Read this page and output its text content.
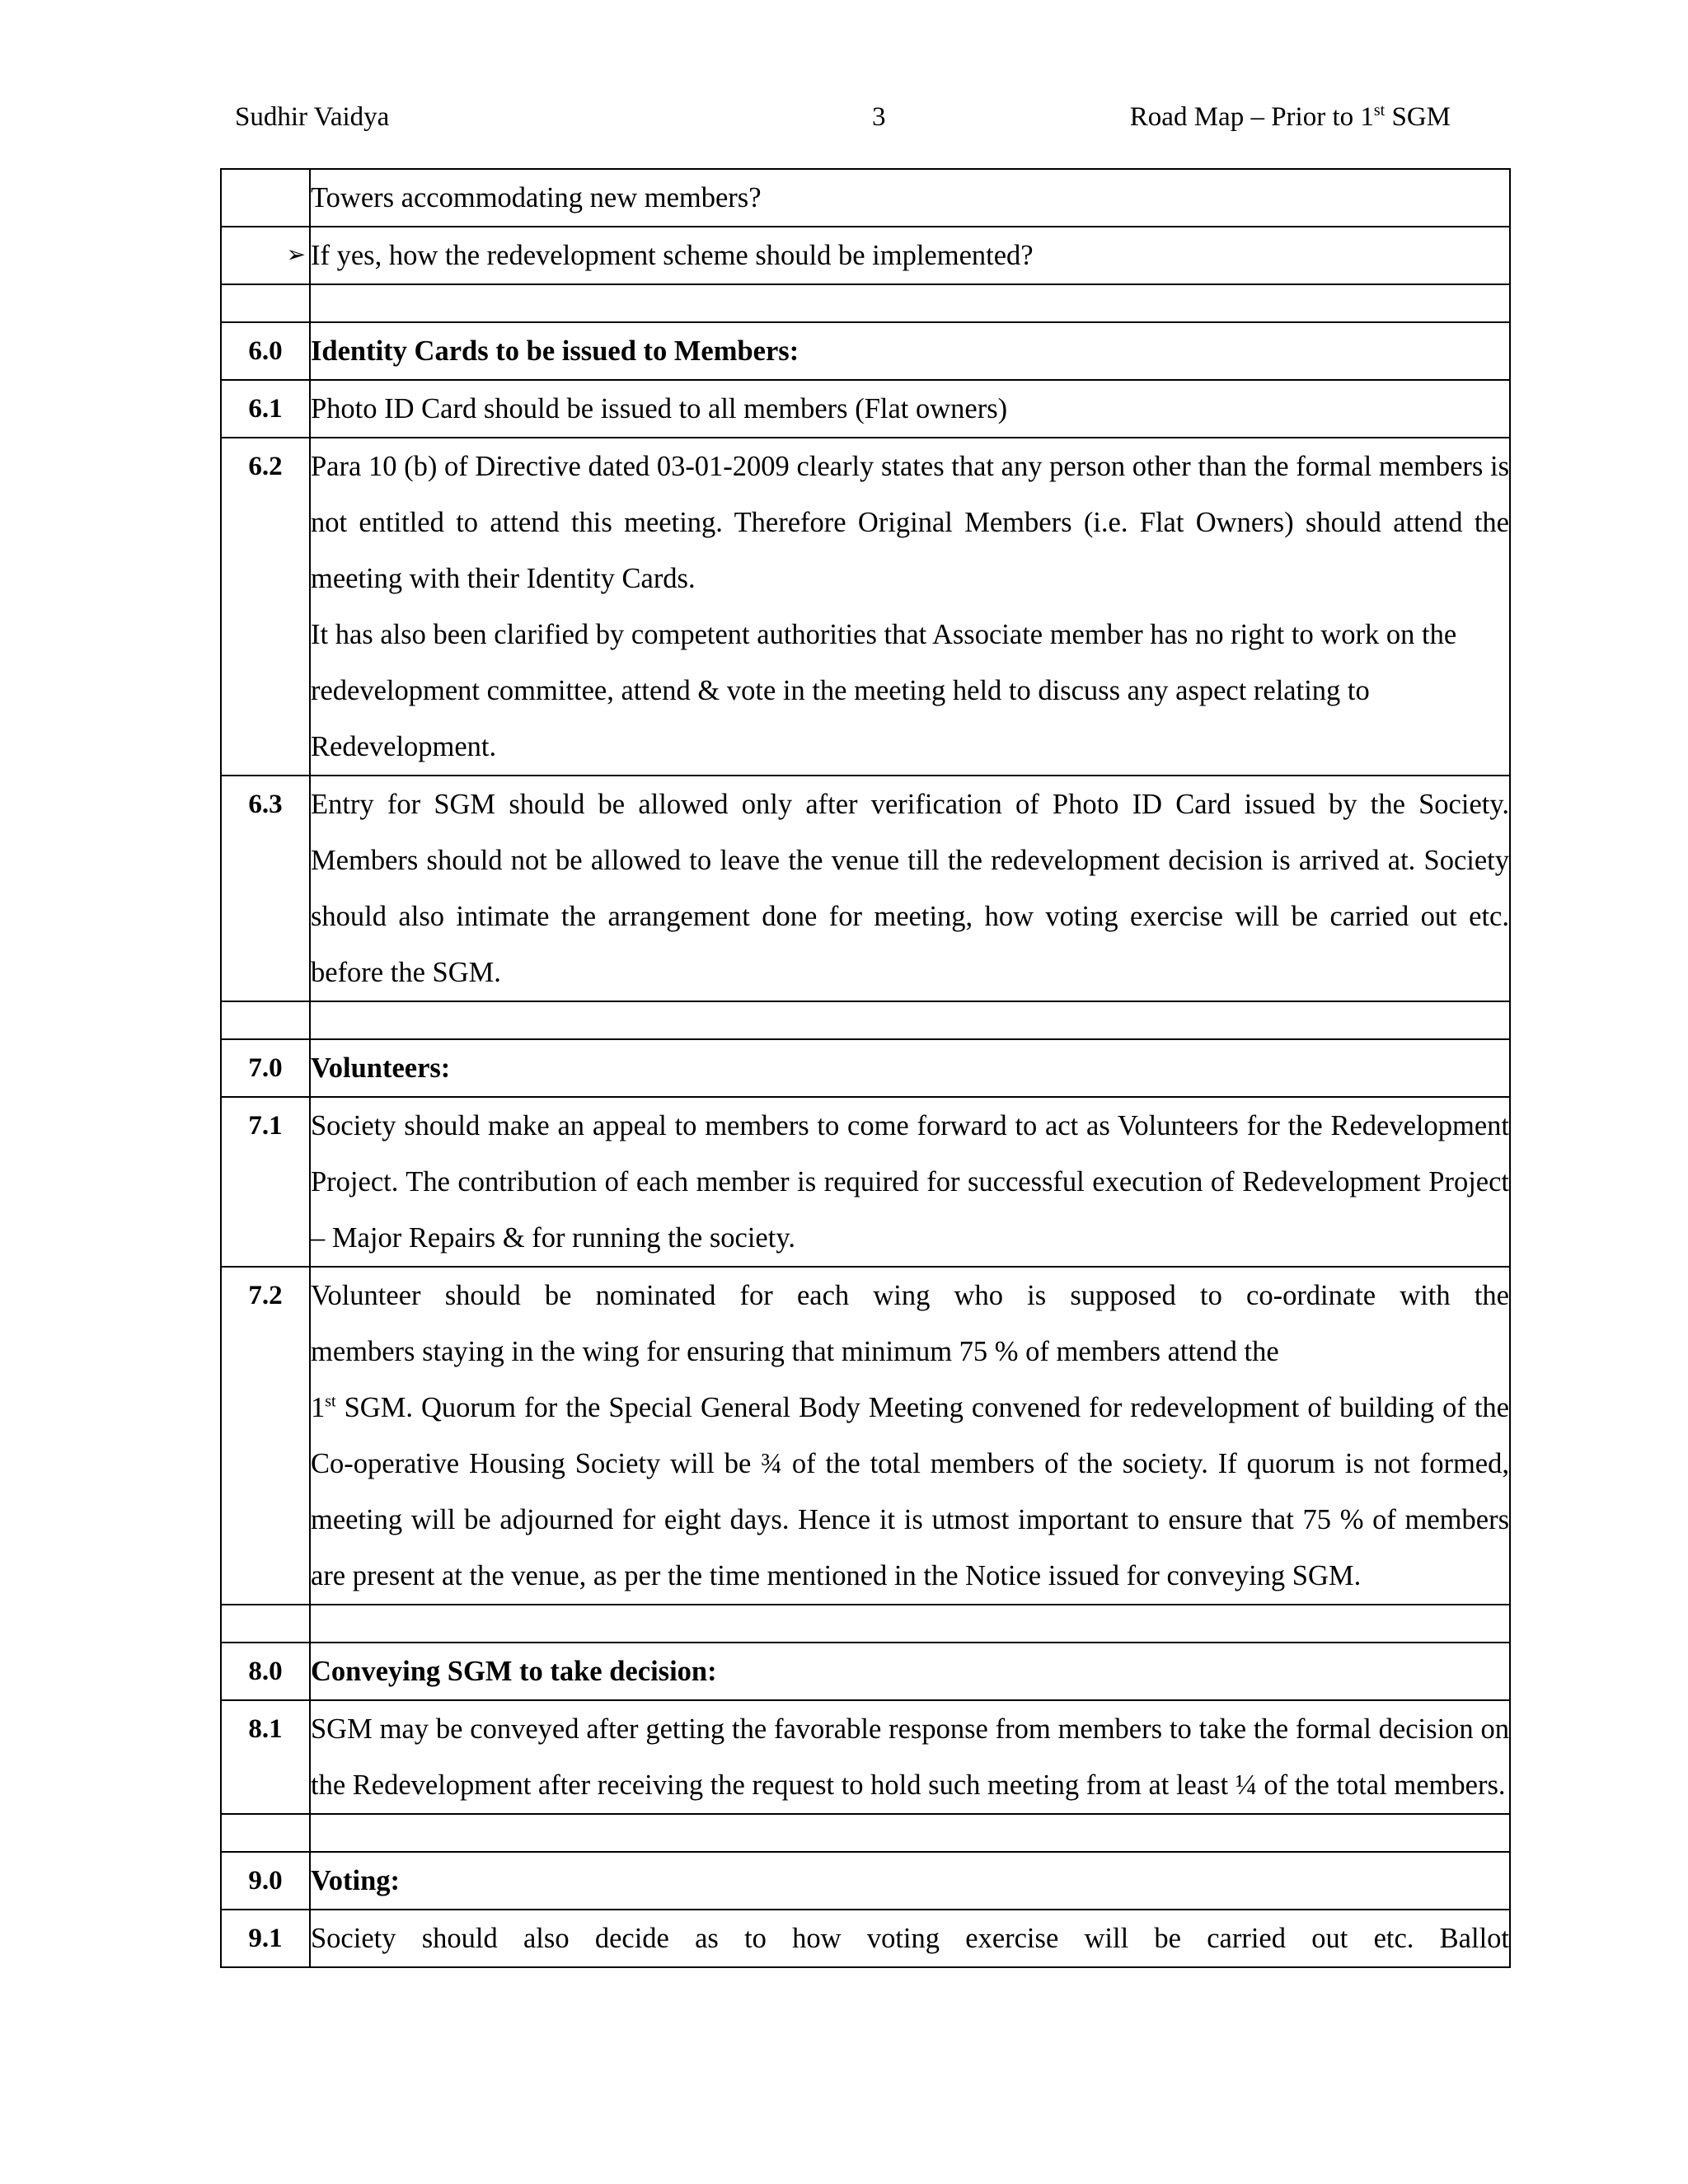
Sudhir Vaidya	3	Road Map – Prior to 1st SGM

	Towers accommodating new members?

➢	If yes, how the redevelopment scheme should be implemented?

6.0	Identity Cards to be issued to Members:
6.1	Photo ID Card should be issued to all members (Flat owners)

6.2	Para 10 (b) of Directive dated 03-01-2009 clearly states that any person other than the formal members is not entitled to attend this meeting. Therefore Original Members (i.e. Flat Owners) should attend the meeting with their Identity Cards.

It has also been clarified by competent authorities that Associate member has no right to work on the redevelopment committee, attend & vote in the meeting held to discuss any aspect relating to Redevelopment.

6.3	Entry for SGM should be allowed only after verification of Photo ID Card issued by the Society. Members should not be allowed to leave the venue till the redevelopment decision is arrived at. Society should also intimate the arrangement done for meeting, how voting exercise will be carried out etc. before the SGM.

7.0	Volunteers:
7.1	Society should make an appeal to members to come forward to act as Volunteers for the Redevelopment Project. The contribution of each member is required for successful execution of Redevelopment Project – Major Repairs & for running the society.

7.2	Volunteer should be nominated for each wing who is supposed to co-ordinate with the
members staying in the wing for ensuring that minimum 75 % of members attend the
1st SGM. Quorum for the Special General Body Meeting convened for redevelopment of building of the Co-operative Housing Society will be ¾ of the total members of the society. If quorum is not formed, meeting will be adjourned for eight days. Hence it is utmost important to ensure that 75 % of members are present at the venue, as per the time mentioned in the Notice issued for conveying SGM.

8.0	Conveying SGM to take decision:
8.1	SGM may be conveyed after getting the favorable response from members to take the formal decision on the Redevelopment after receiving the request to hold such meeting from at least ¼ of the total members.

9.0	Voting:
9.1	Society should also decide as to how voting exercise will be carried out etc. Ballot
